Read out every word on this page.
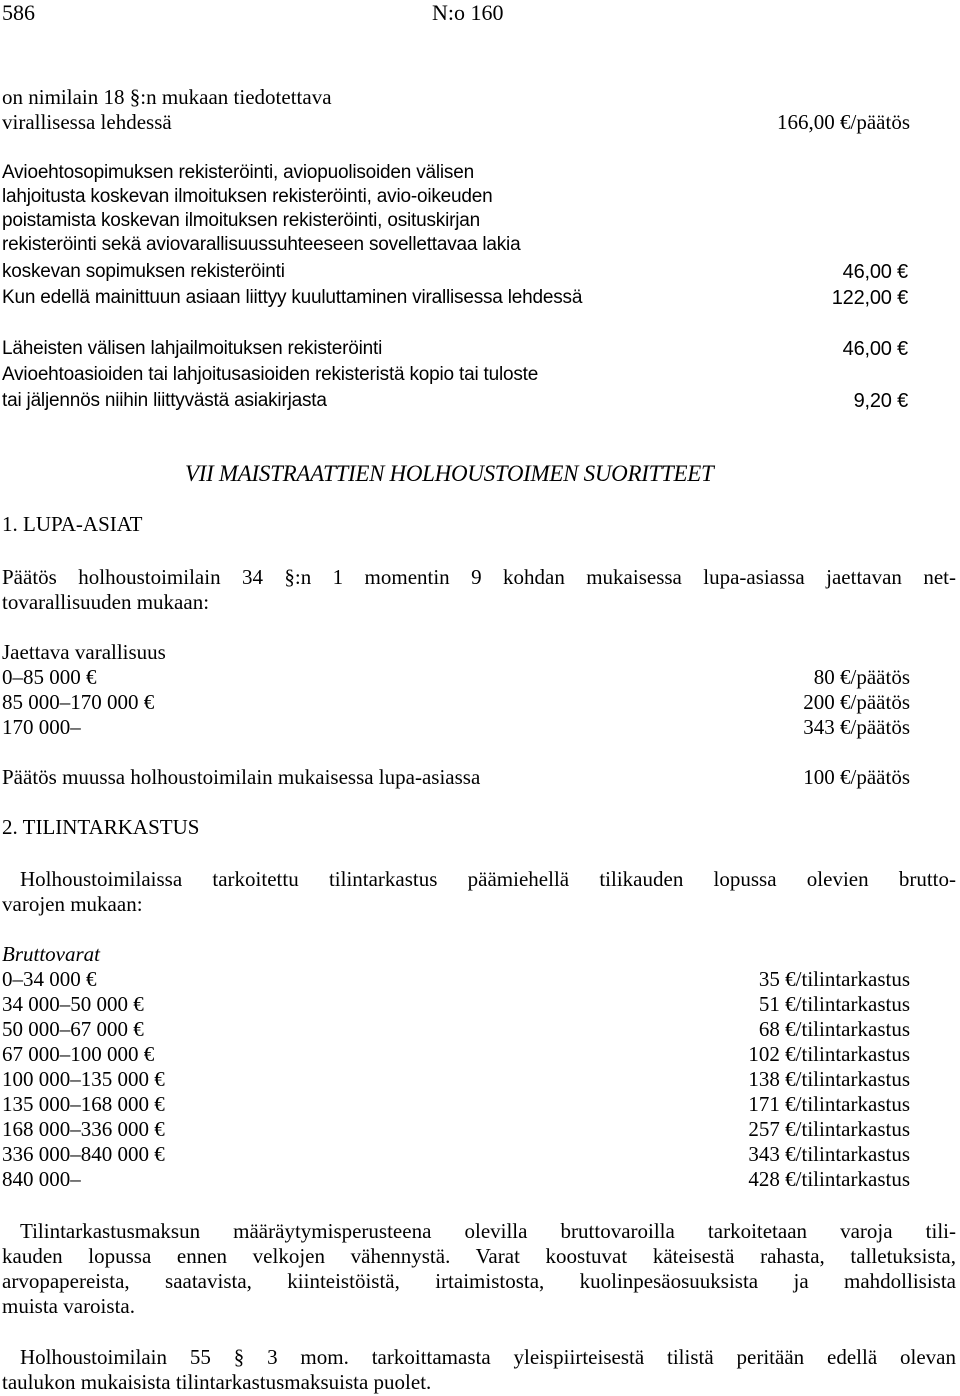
586	N:o 160
on nimilain 18 §:n mukaan tiedotettava
virallisessa lehdessä	166,00 €/päätös
Avioehtosopimuksen rekisteröinti, aviopuolisoiden välisen
lahjoitusta koskevan ilmoituksen rekisteröinti, avio-oikeuden
poistamista koskevan ilmoituksen rekisteröinti, osituskirjan
rekisteröinti sekä aviovarallisuussuhteeseen sovellettavaa lakia
koskevan sopimuksen rekisteröinti	46,00 €
Kun edellä mainittuun asiaan liittyy kuuluttaminen virallisessa lehdessä	122,00 €
Läheisten välisen lahjailmoituksen rekisteröinti	46,00 €
Avioehtoasioiden tai lahjoitusasioiden rekisteristä kopio tai tuloste
tai jäljennös niihin liittyvästä asiakirjasta	9,20 €
VII MAISTRAATTIEN HOLHOUSTOIMEN SUORITTEET
1. LUPA-ASIAT
Päätös holhoustoimilain 34 §:n 1 momentin 9 kohdan mukaisessa lupa-asiassa jaettavan net-
tovarallisuuden mukaan:
Jaettava varallisuus
0–85 000 €	80 €/päätös
85 000–170 000 €	200 €/päätös
170 000–	343 €/päätös
Päätös muussa holhoustoimilain mukaisessa lupa-asiassa	100 €/päätös
2. TILINTARKASTUS
Holhoustoimilaissa tarkoitettu tilintarkastus päämiehellä tilikauden lopussa olevien brutto-
varojen mukaan:
Bruttovarat
0–34 000 €	35 €/tilintarkastus
34 000–50 000 €	51 €/tilintarkastus
50 000–67 000 €	68 €/tilintarkastus
67 000–100 000 €	102 €/tilintarkastus
100 000–135 000 €	138 €/tilintarkastus
135 000–168 000 €	171 €/tilintarkastus
168 000–336 000 €	257 €/tilintarkastus
336 000–840 000 €	343 €/tilintarkastus
840 000–	428 €/tilintarkastus
Tilintarkastusmaksun määräytymisperusteena olevilla bruttovaroilla tarkoitetaan varoja tili-
kauden lopussa ennen velkojen vähennystä. Varat koostuvat käteisestä rahasta, talletuksista,
arvopapereista, saatavista, kiinteistöistä, irtaimistosta, kuolinpesäosuuksista ja mahdollisista
muista varoista.
Holhoustoimilain 55 § 3 mom. tarkoittamasta yleispiirteisestä tilistä peritään edellä olevan
taulukon mukaisista tilintarkastusmaksuista puolet.
